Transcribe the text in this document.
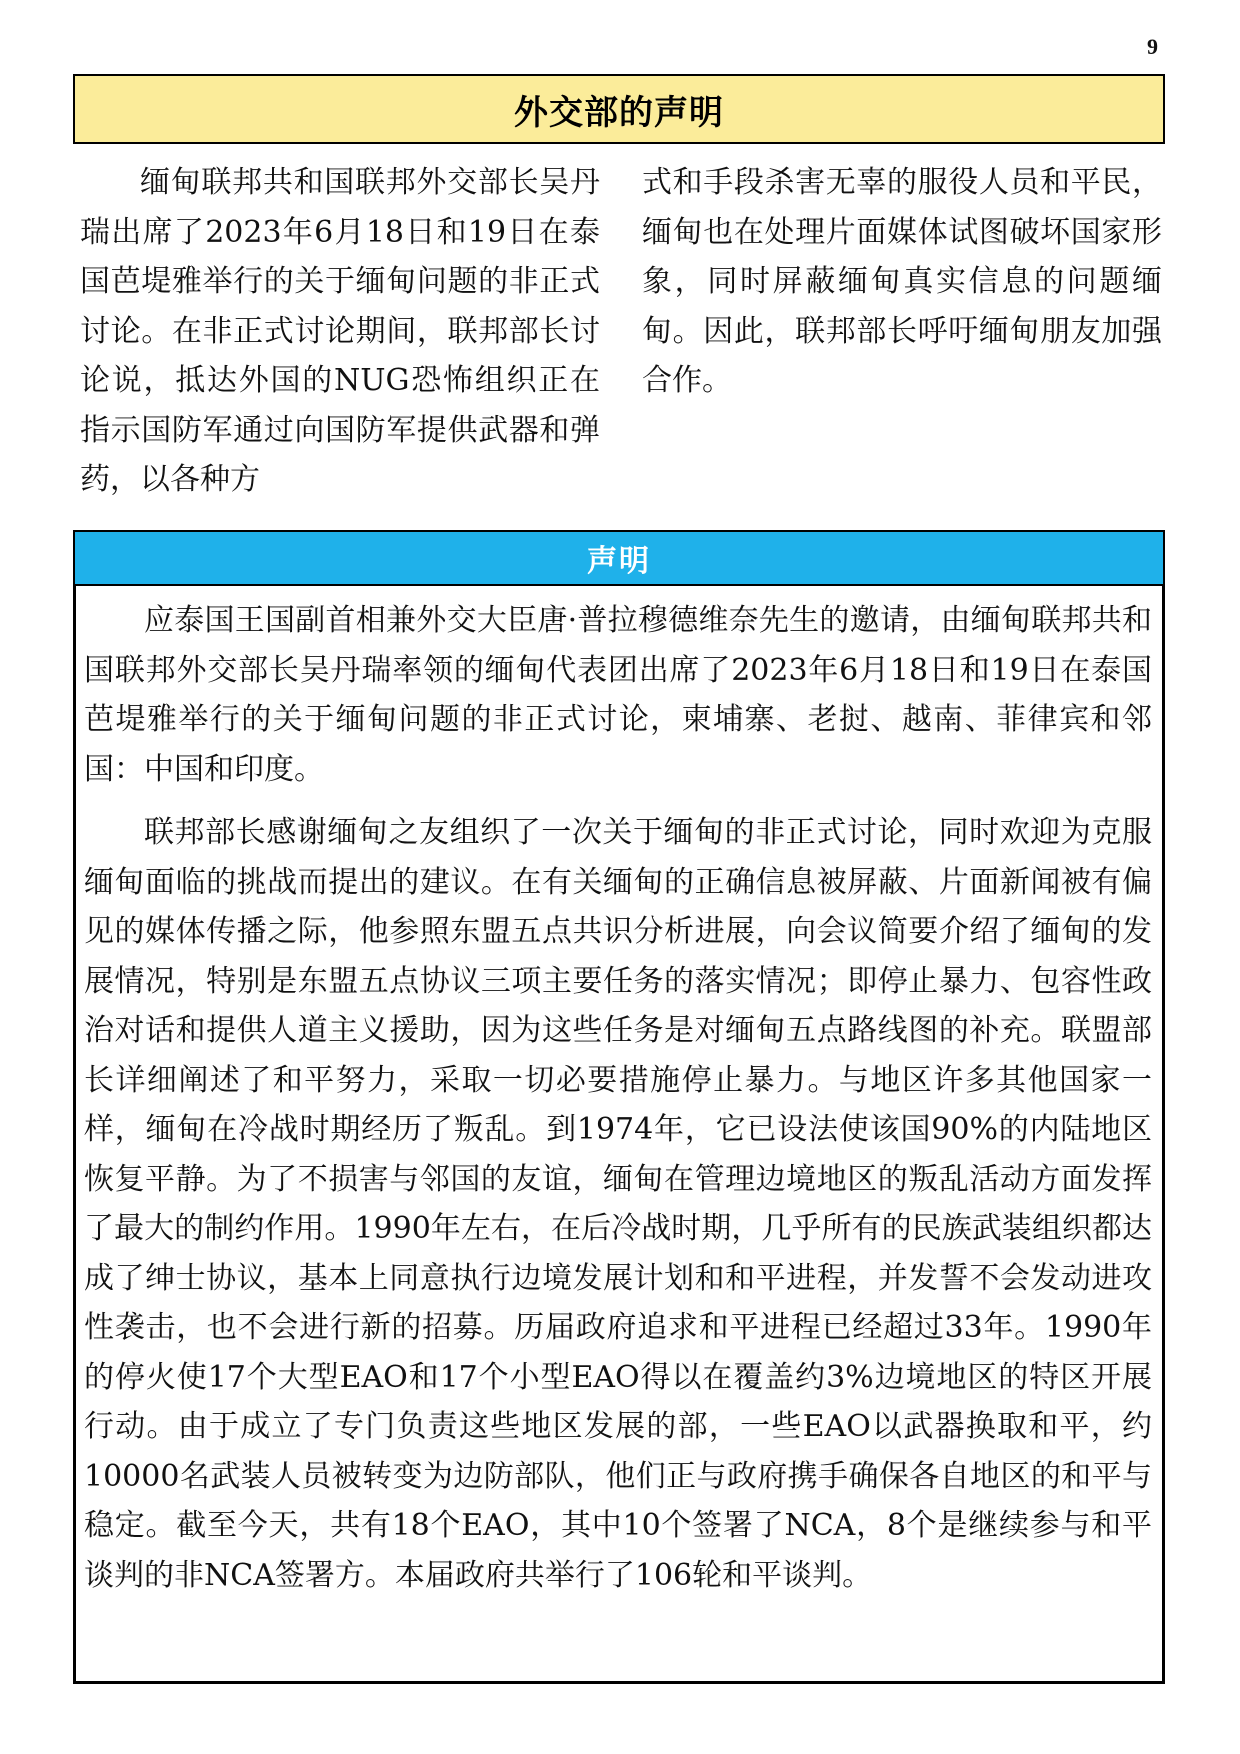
9
外交部的声明

缅甸联邦共和国联邦外交部长吴丹瑞出席了2023年6月18日和19日在泰国芭堤雅举行的关于缅甸问题的非正式讨论。在非正式讨论期间，联邦部长讨论说，抵达外国的NUG恐怖组织正在指示国防军通过向国防军提供武器和弹药，以各种方

式和手段杀害无辜的服役人员和平民，缅甸也在处理片面媒体试图破坏国家形象，同时屏蔽缅甸真实信息的问题缅甸。因此，联邦部长呼吁缅甸朋友加强合作。

声明

应泰国王国副首相兼外交大臣唐·普拉穆德维奈先生的邀请，由缅甸联邦共和国联邦外交部长吴丹瑞率领的缅甸代表团出席了2023年6月18日和19日在泰国芭堤雅举行的关于缅甸问题的非正式讨论，柬埔寨、老挝、越南、菲律宾和邻国：中国和印度。

联邦部长感谢缅甸之友组织了一次关于缅甸的非正式讨论，同时欢迎为克服缅甸面临的挑战而提出的建议。在有关缅甸的正确信息被屏蔽、片面新闻被有偏见的媒体传播之际，他参照东盟五点共识分析进展，向会议简要介绍了缅甸的发展情况，特别是东盟五点协议三项主要任务的落实情况；即停止暴力、包容性政治对话和提供人道主义援助，因为这些任务是对缅甸五点路线图的补充。联盟部长详细阐述了和平努力，采取一切必要措施停止暴力。与地区许多其他国家一样，缅甸在冷战时期经历了叛乱。到1974年，它已设法使该国90%的内陆地区恢复平静。为了不损害与邻国的友谊，缅甸在管理边境地区的叛乱活动方面发挥了最大的制约作用。1990年左右，在后冷战时期，几乎所有的民族武装组织都达成了绅士协议，基本上同意执行边境发展计划和和平进程，并发誓不会发动进攻性袭击，也不会进行新的招募。历届政府追求和平进程已经超过33年。1990年的停火使17个大型EAO和17个小型EAO得以在覆盖约3%边境地区的特区开展行动。由于成立了专门负责这些地区发展的部，一些EAO以武器换取和平，约10000名武装人员被转变为边防部队，他们正与政府携手确保各自地区的和平与稳定。截至今天，共有18个EAO，其中10个签署了NCA，8个是继续参与和平谈判的非NCA签署方。本届政府共举行了106轮和平谈判。
